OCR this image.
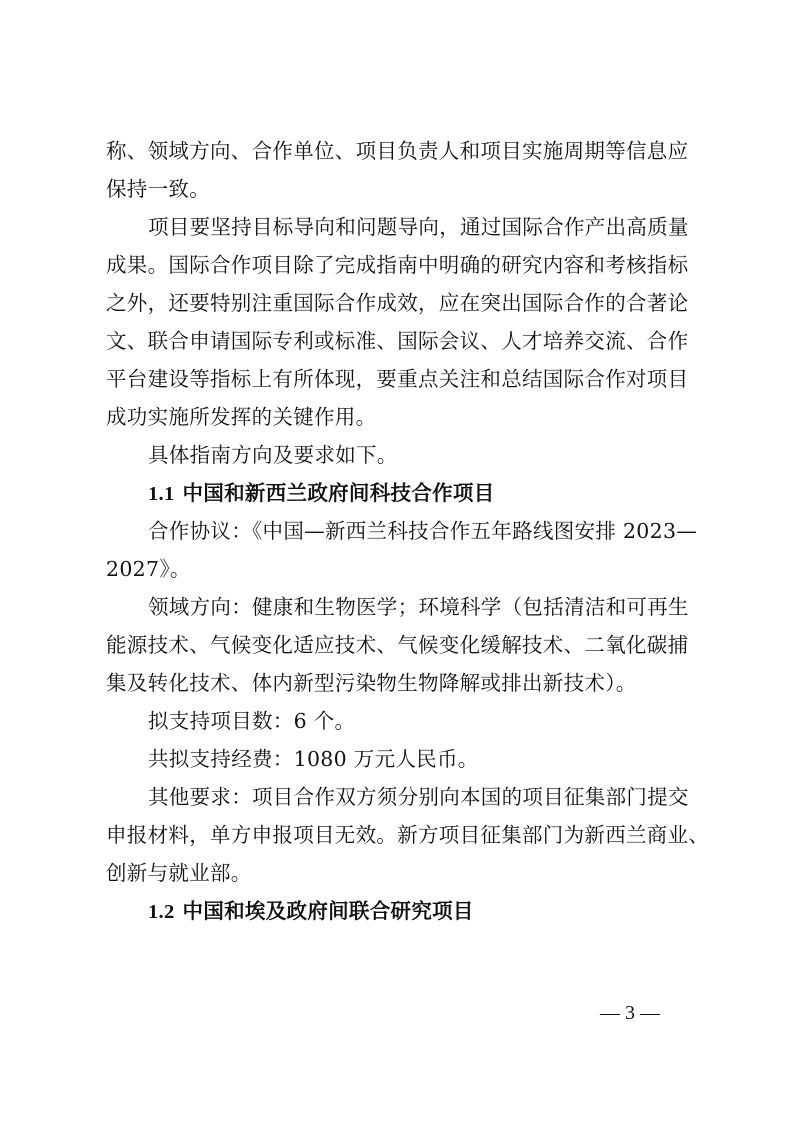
称、领域方向、合作单位、项目负责人和项目实施周期等信息应
保持一致。
项目要坚持目标导向和问题导向，通过国际合作产出高质量
成果。国际合作项目除了完成指南中明确的研究内容和考核指标
之外，还要特别注重国际合作成效，应在突出国际合作的合著论
文、联合申请国际专利或标准、国际会议、人才培养交流、合作
平台建设等指标上有所体现，要重点关注和总结国际合作对项目
成功实施所发挥的关键作用。
具体指南方向及要求如下。
1.1 中国和新西兰政府间科技合作项目
合作协议：《中国—新西兰科技合作五年路线图安排 2023—
2027》。
领域方向：健康和生物医学；环境科学（包括清洁和可再生
能源技术、气候变化适应技术、气候变化缓解技术、二氧化碳捕
集及转化技术、体内新型污染物生物降解或排出新技术）。
拟支持项目数：6 个。
共拟支持经费：1080 万元人民币。
其他要求：项目合作双方须分别向本国的项目征集部门提交
申报材料，单方申报项目无效。新方项目征集部门为新西兰商业、
创新与就业部。
1.2 中国和埃及政府间联合研究项目
— 3 —
